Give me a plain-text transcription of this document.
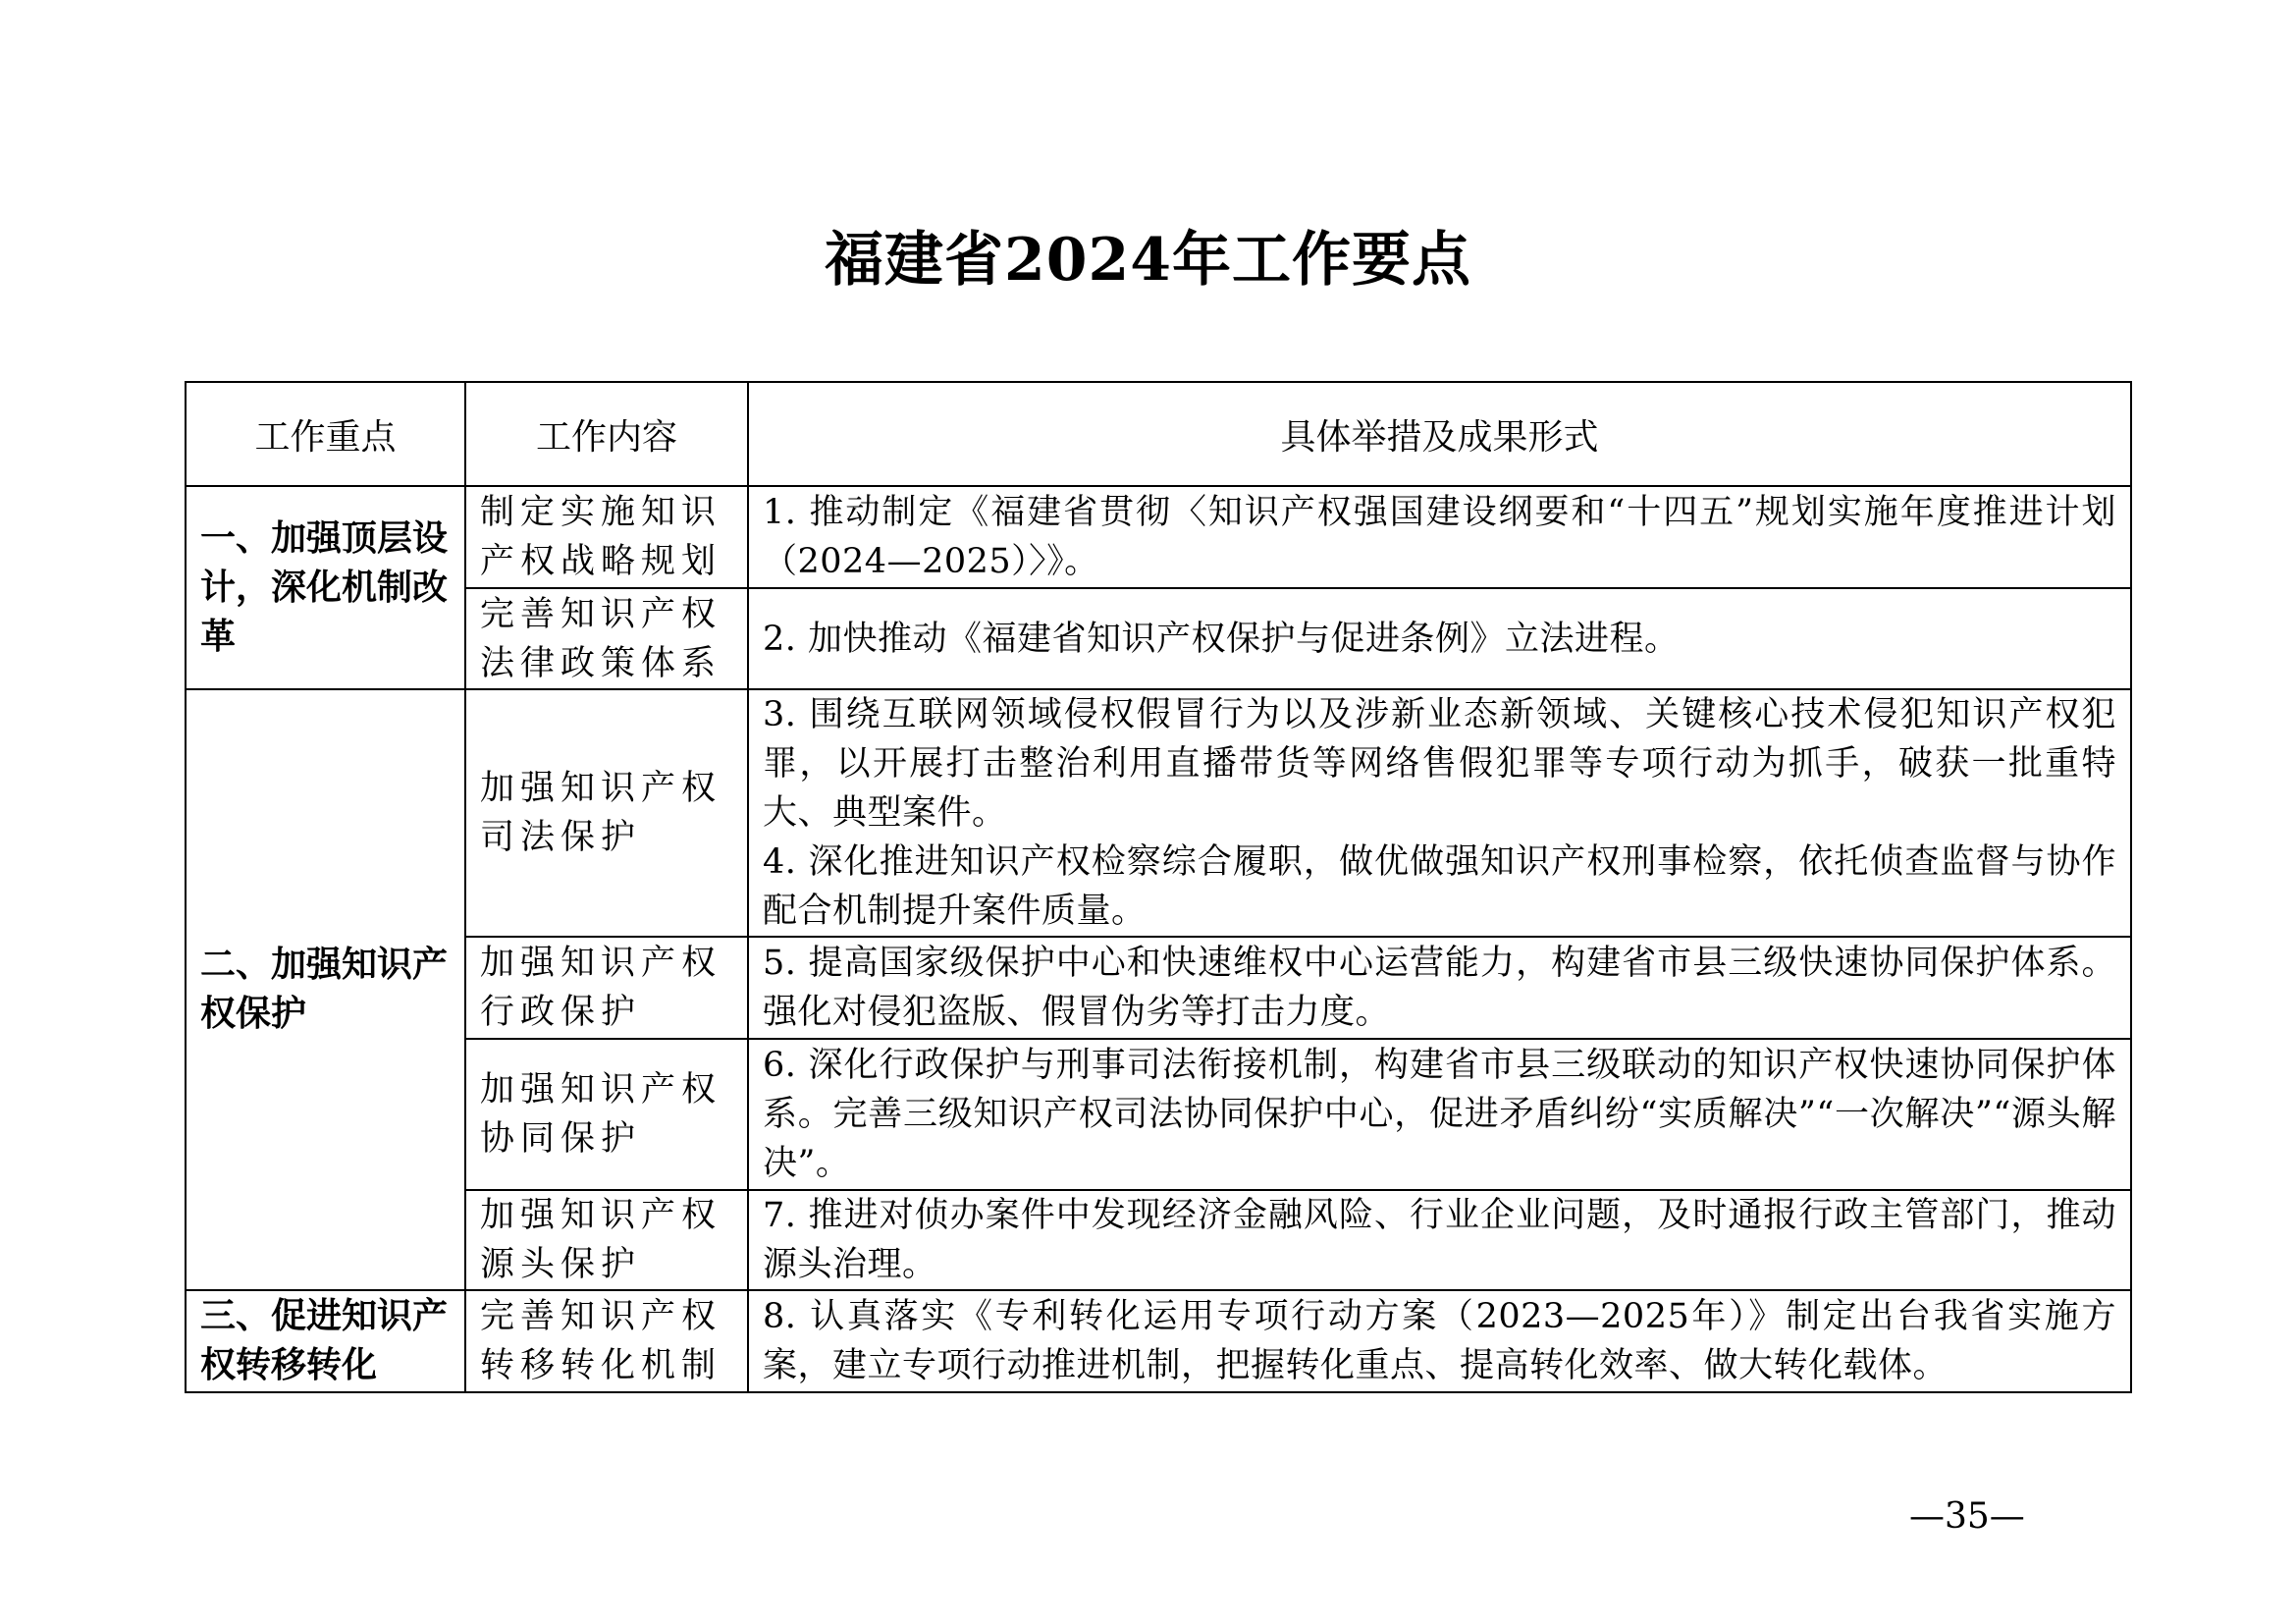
福建省2024年工作要点
工作重点	工作内容	具体举措及成果形式
一、加强顶层设计，深化机制改革	制定实施知识产权战略规划	1. 推动制定《福建省贯彻〈知识产权强国建设纲要和“十四五”规划实施年度推进计划（2024—2025）〉》。

	完善知识产权法律政策体系	2. 加快推动《福建省知识产权保护与促进条例》立法进程。

二、加强知识产权保护	加强知识产权司法保护	3. 围绕互联网领域侵权假冒行为以及涉新业态新领域、关键核心技术侵犯知识产权犯罪，以开展打击整治利用直播带货等网络售假犯罪等专项行动为抓手，破获一批重特大、典型案件。
4. 深化推进知识产权检察综合履职，做优做强知识产权刑事检察，依托侦查监督与协作配合机制提升案件质量。

	加强知识产权行政保护	5. 提高国家级保护中心和快速维权中心运营能力，构建省市县三级快速协同保护体系。强化对侵犯盗版、假冒伪劣等打击力度。

	加强知识产权协同保护	6. 深化行政保护与刑事司法衔接机制，构建省市县三级联动的知识产权快速协同保护体系。完善三级知识产权司法协同保护中心，促进矛盾纠纷“实质解决”“一次解决”“源头解决”。

	加强知识产权源头保护	7. 推进对侦办案件中发现经济金融风险、行业企业问题，及时通报行政主管部门，推动源头治理。

三、促进知识产权转移转化	完善知识产权转移转化机制	8. 认真落实《专利转化运用专项行动方案（2023—2025年）》制定出台我省实施方案，建立专项行动推进机制，把握转化重点、提高转化效率、做大转化载体。
—35—
